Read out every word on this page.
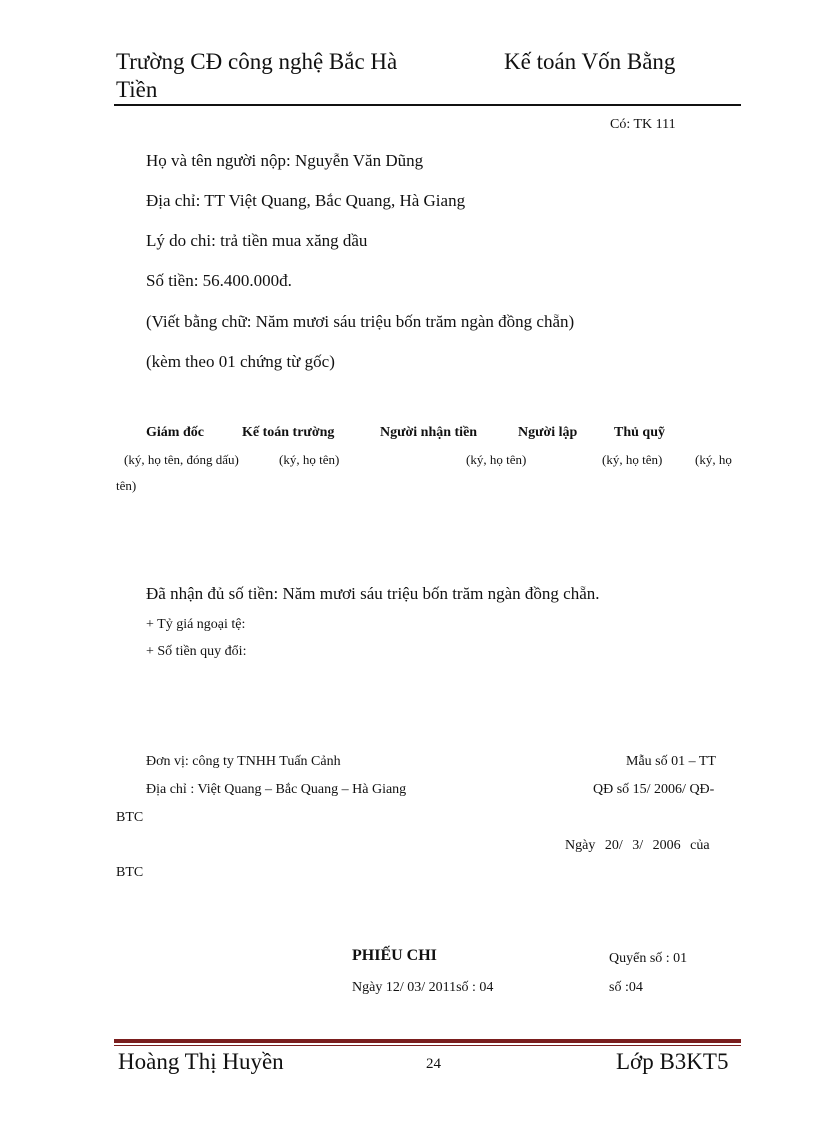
Trường CĐ công nghệ Bắc Hà	Kế toán Vốn Bằng
Tiền
Có: TK 111
Họ và tên người nộp: Nguyễn Văn Dũng
Địa chỉ: TT Việt Quang, Bắc Quang, Hà Giang
Lý do chi: trả tiền mua xăng dầu
Số tiền: 56.400.000đ.
(Viết bằng chữ: Năm mươi sáu triệu bốn trăm ngàn đồng chẵn)
(kèm theo 01 chứng từ gốc)
Giám đốc	Kế toán trường	Người nhận tiền	Người lập	Thủ quỹ
(ký, họ tên, đóng dấu)	(ký, họ tên)	(ký, họ tên)	(ký, họ tên)	(ký, họ
tên)
Đã nhận đủ số tiền: Năm mươi sáu triệu bốn trăm ngàn đồng chẵn.
+ Tỷ giá ngoại tệ:
+ Số tiền quy đổi:
Đơn vị: công ty TNHH Tuấn Cảnh	Mẫu số 01 – TT
Địa chỉ : Việt Quang – Bắc Quang – Hà Giang	QĐ số 15/ 2006/ QĐ-
BTC
Ngày 20/ 3/ 2006 của
BTC
PHIẾU CHI	Quyển số : 01
Ngày 12/ 03/ 2011số : 04	số :04
Hoàng Thị Huyền	24	Lớp B3KT5
